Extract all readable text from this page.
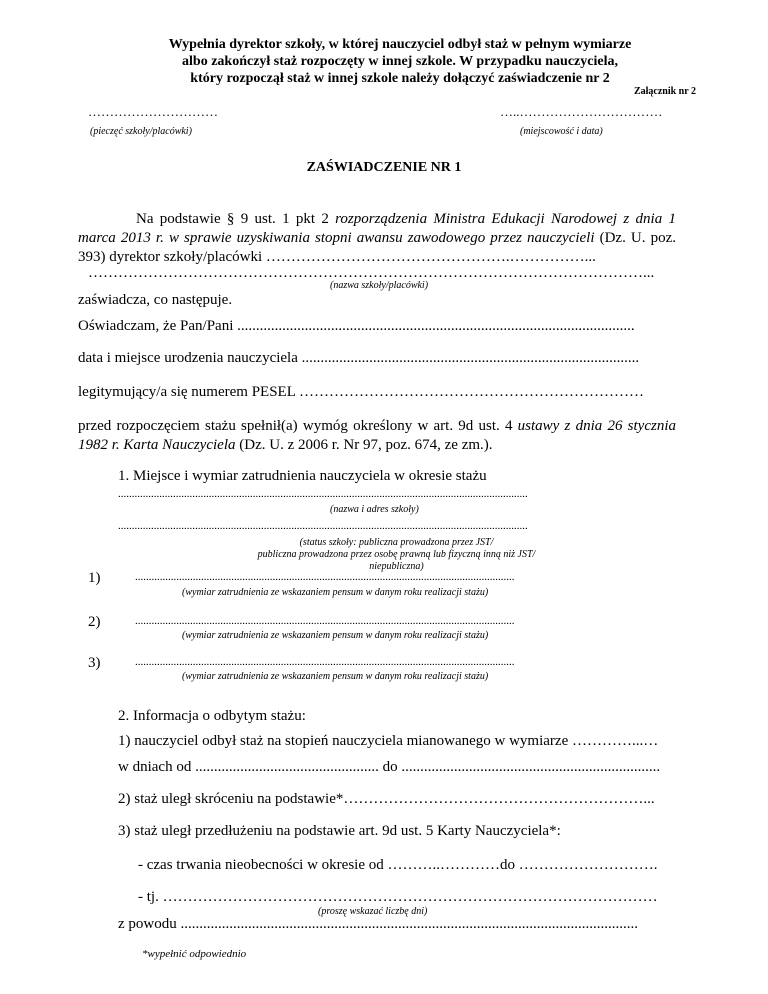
Wypełnia dyrektor szkoły, w której nauczyciel odbył staż w pełnym wymiarze
albo zakończył staż rozpoczęty w innej szkole. W przypadku nauczyciela,
który rozpoczął staż w innej szkole należy dołączyć zaświadczenie nr 2
Załącznik nr 2
…………………………
(pieczęć szkoły/placówki)
…..……………………………
(miejscowość i data)
ZAŚWIADCZENIE NR 1
Na podstawie § 9 ust. 1 pkt 2 rozporządzenia Ministra Edukacji Narodowej z dnia 1 marca 2013 r. w sprawie uzyskiwania stopni awansu zawodowego przez nauczycieli (Dz. U. poz. 393) dyrektor szkoły/placówki ………………………………………….……………...
…………………………………………………………………………………………………...
(nazwa szkoły/placówki)
zaświadcza, co następuje.
Oświadczam, że Pan/Pani ..........................................................................................................
data i miejsce urodzenia nauczyciela ..........................................................................................
legitymujący/a się numerem PESEL ……………………………………………………………
przed rozpoczęciem stażu spełnił(a) wymóg określony w art. 9d ust. 4 ustawy z dnia 26 stycznia 1982 r. Karta Nauczyciela (Dz. U. z 2006 r. Nr 97, poz. 674, ze zm.).
1. Miejsce i wymiar zatrudnienia nauczyciela w okresie stażu
.....................................................................................................................................................
(nazwa i adres szkoły)
.....................................................................................................................................................
(status szkoły: publiczna prowadzona przez JST/
publiczna prowadzona przez osobę prawną lub fizyczną inną niż JST/
niepubliczna)
1)	..........................................................................................................................................
(wymiar zatrudnienia ze wskazaniem pensum w danym roku realizacji stażu)
2)	..........................................................................................................................................
(wymiar zatrudnienia ze wskazaniem pensum w danym roku realizacji stażu)
3)	..........................................................................................................................................
(wymiar zatrudnienia ze wskazaniem pensum w danym roku realizacji stażu)
2. Informacja o odbytym stażu:
1) nauczyciel odbył staż na stopień nauczyciela mianowanego w wymiarze …………...…
w dniach od ................................................. do .....................................................................
2) staż uległ skróceniu na podstawie*……………………………………………………...
3) staż uległ przedłużeniu na podstawie art. 9d ust. 5 Karty Nauczyciela*:
- czas trwania nieobecności w okresie od ………..…………do ……………………….
- tj. ………………………………………………………………………………………
(proszę wskazać liczbę dni)
z powodu ..........................................................................................................................
*wypełnić odpowiednio
